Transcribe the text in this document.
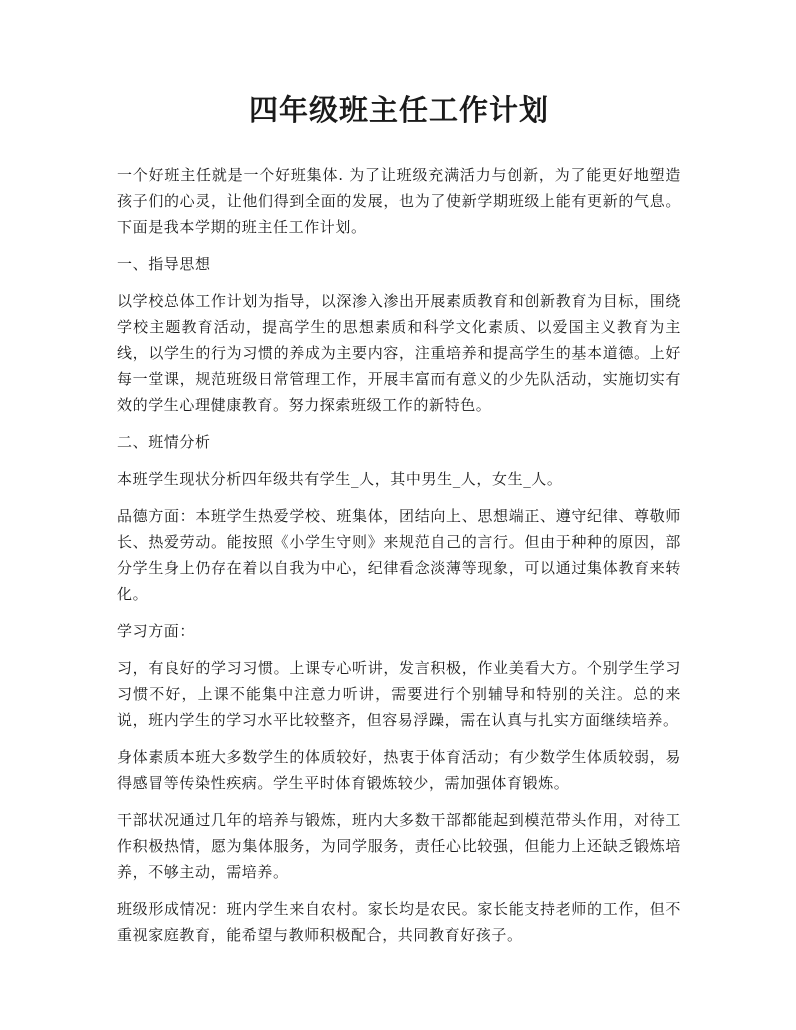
四年级班主任工作计划

一个好班主任就是一个好班集体. 为了让班级充满活力与创新，为了能更好地塑造孩子们的心灵，让他们得到全面的发展，也为了使新学期班级上能有更新的气息。下面是我本学期的班主任工作计划。

一、指导思想

以学校总体工作计划为指导，以深渗入渗出开展素质教育和创新教育为目标，围绕学校主题教育活动，提高学生的思想素质和科学文化素质、以爱国主义教育为主线，以学生的行为习惯的养成为主要内容，注重培养和提高学生的基本道德。上好每一堂课，规范班级日常管理工作，开展丰富而有意义的少先队活动，实施切实有效的学生心理健康教育。努力探索班级工作的新特色。

二、班情分析

本班学生现状分析四年级共有学生_人，其中男生_人，女生_人。

品德方面：本班学生热爱学校、班集体，团结向上、思想端正、遵守纪律、尊敬师长、热爱劳动。能按照《小学生守则》来规范自己的言行。但由于种种的原因，部分学生身上仍存在着以自我为中心，纪律看念淡薄等现象，可以通过集体教育来转化。

学习方面：

习，有良好的学习习惯。上课专心听讲，发言积极，作业美看大方。个别学生学习习惯不好，上课不能集中注意力听讲，需要进行个别辅导和特别的关注。总的来说，班内学生的学习水平比较整齐，但容易浮躁，需在认真与扎实方面继续培养。

身体素质本班大多数学生的体质较好，热衷于体育活动；有少数学生体质较弱，易得感冒等传染性疾病。学生平时体育锻炼较少，需加强体育锻炼。

干部状况通过几年的培养与锻炼，班内大多数干部都能起到模范带头作用，对待工作积极热情，愿为集体服务，为同学服务，责任心比较强，但能力上还缺乏锻炼培养，不够主动，需培养。

班级形成情况：班内学生来自农村。家长均是农民。家长能支持老师的工作，但不重视家庭教育，能希望与教师积极配合，共同教育好孩子。
